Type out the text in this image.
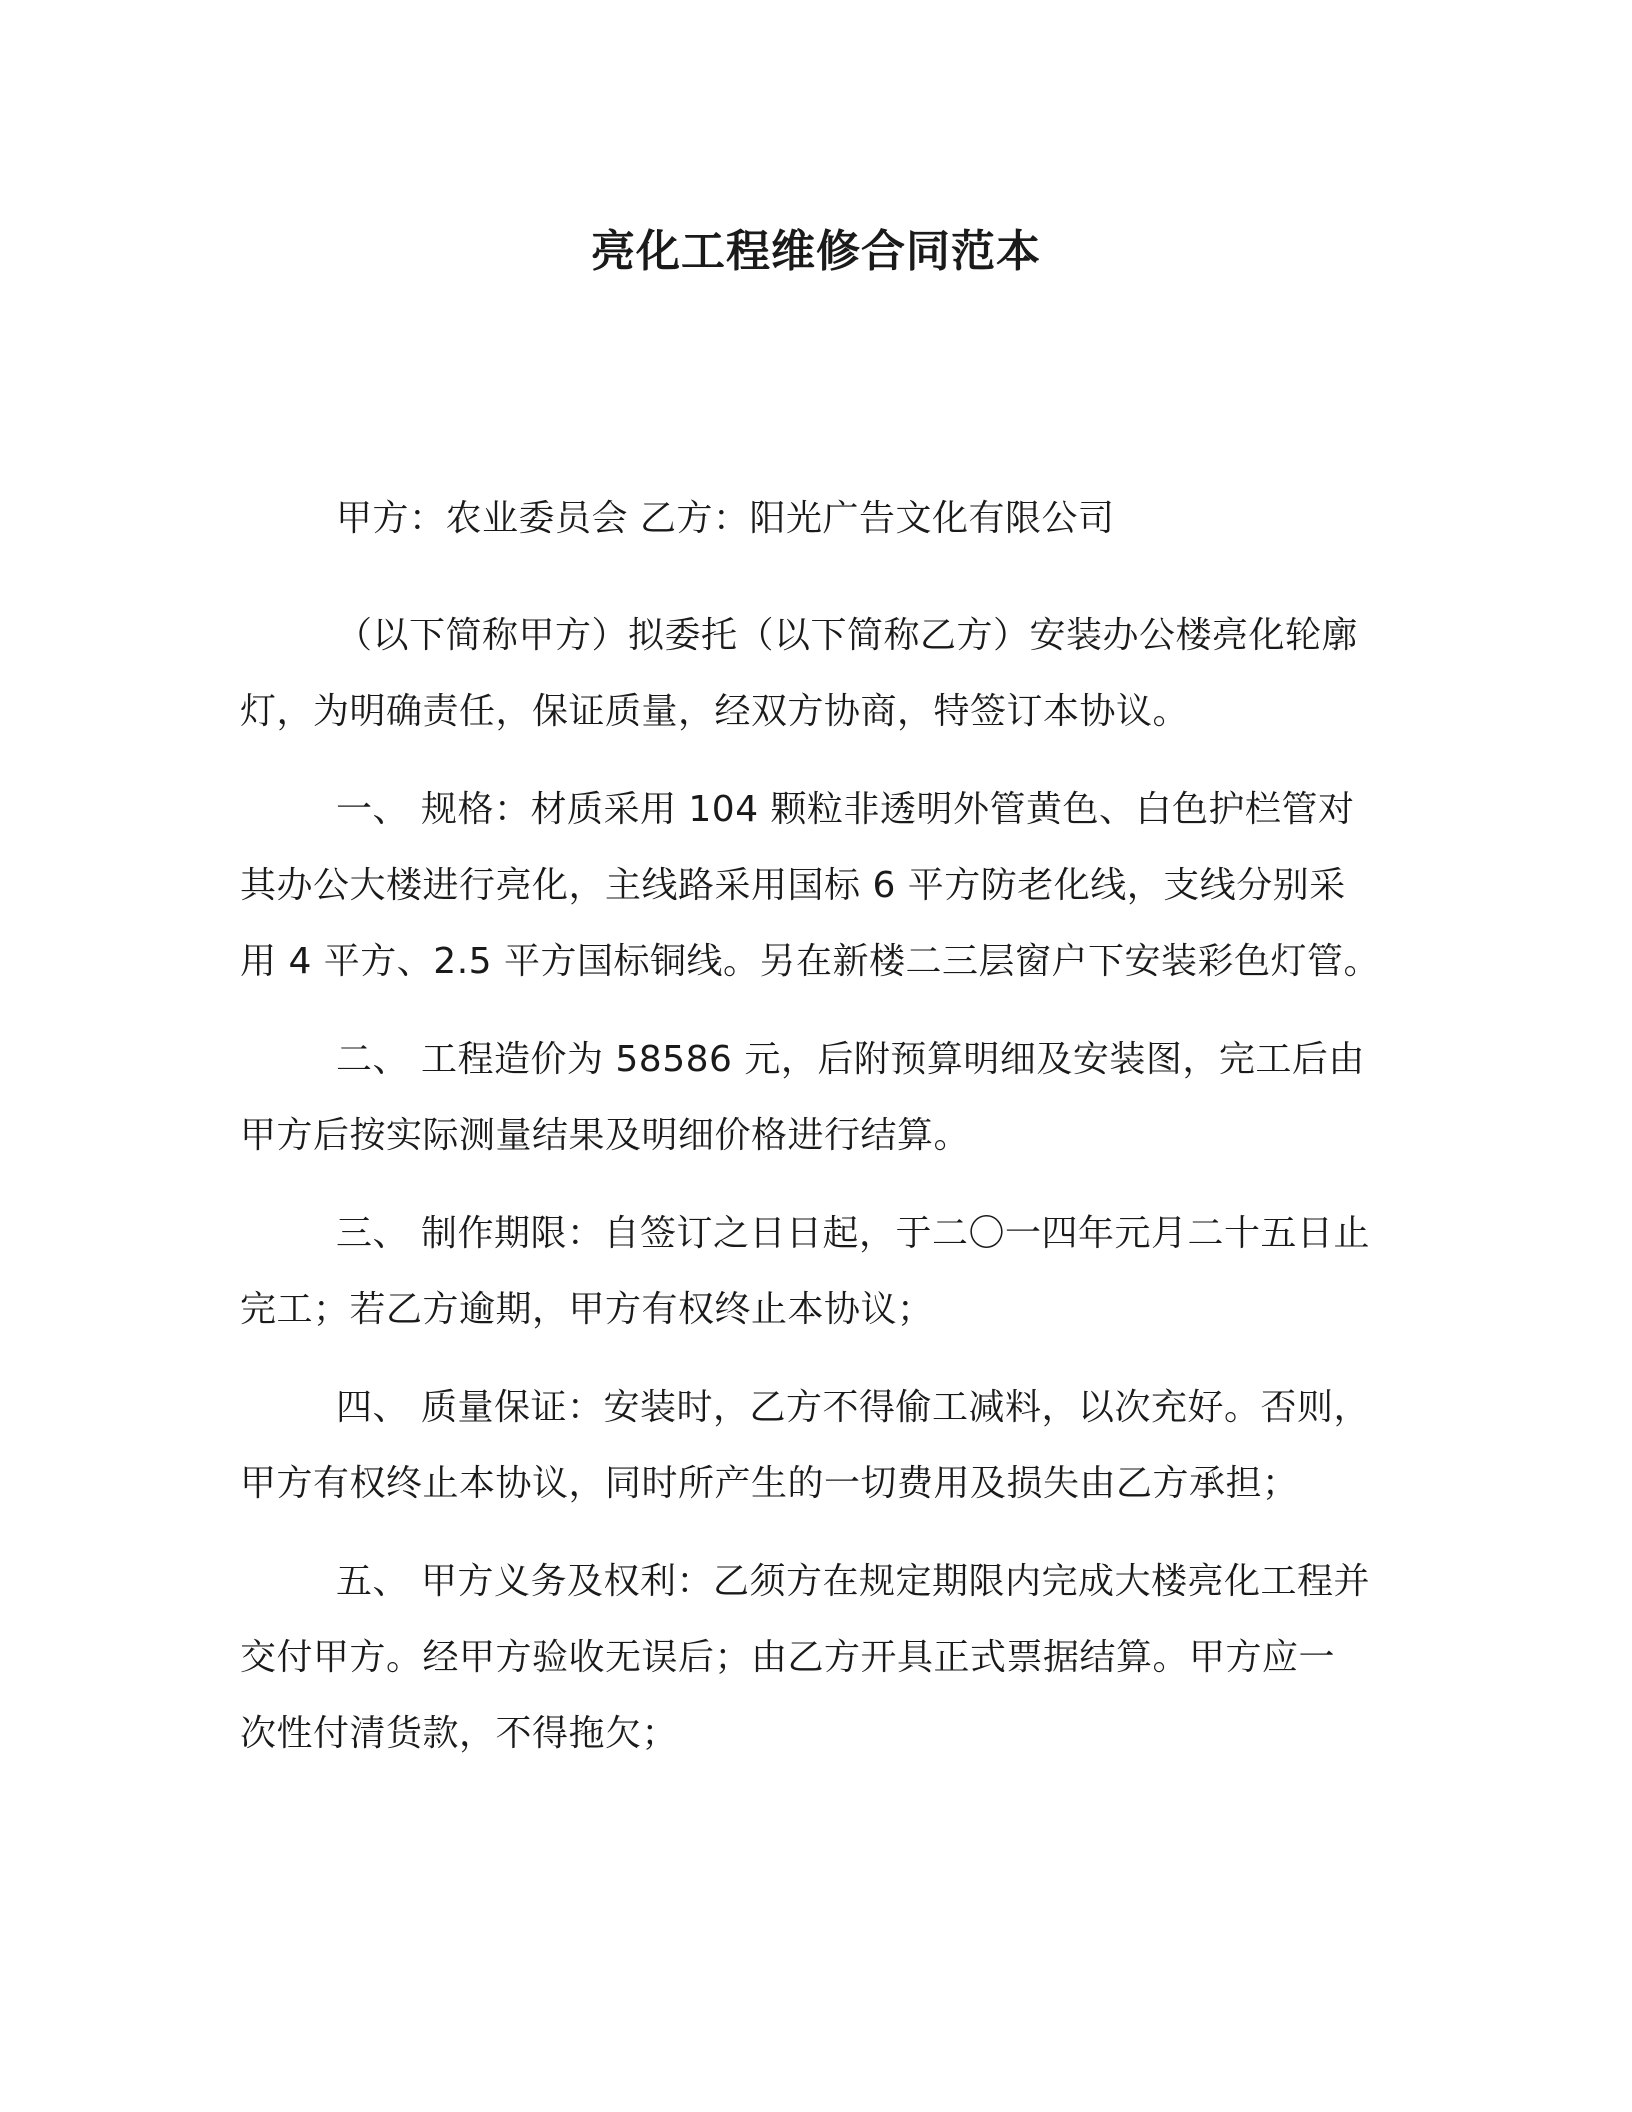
亮化工程维修合同范本

甲方：农业委员会 乙方：阳光广告文化有限公司

（以下简称甲方）拟委托（以下简称乙方）安装办公楼亮化轮廓
灯，为明确责任，保证质量，经双方协商，特签订本协议。
一、 规格：材质采用 104 颗粒非透明外管黄色、白色护栏管对
其办公大楼进行亮化，主线路采用国标 6 平方防老化线，支线分别采
用 4 平方、2.5 平方国标铜线。另在新楼二三层窗户下安装彩色灯管。
二、 工程造价为 58586 元，后附预算明细及安装图，完工后由
甲方后按实际测量结果及明细价格进行结算。
三、 制作期限：自签订之日日起，于二〇一四年元月二十五日止
完工；若乙方逾期，甲方有权终止本协议；
四、 质量保证：安装时，乙方不得偷工减料，以次充好。否则，
甲方有权终止本协议，同时所产生的一切费用及损失由乙方承担；
五、 甲方义务及权利：乙须方在规定期限内完成大楼亮化工程并
交付甲方。经甲方验收无误后；由乙方开具正式票据结算。甲方应一
次性付清货款，不得拖欠；
